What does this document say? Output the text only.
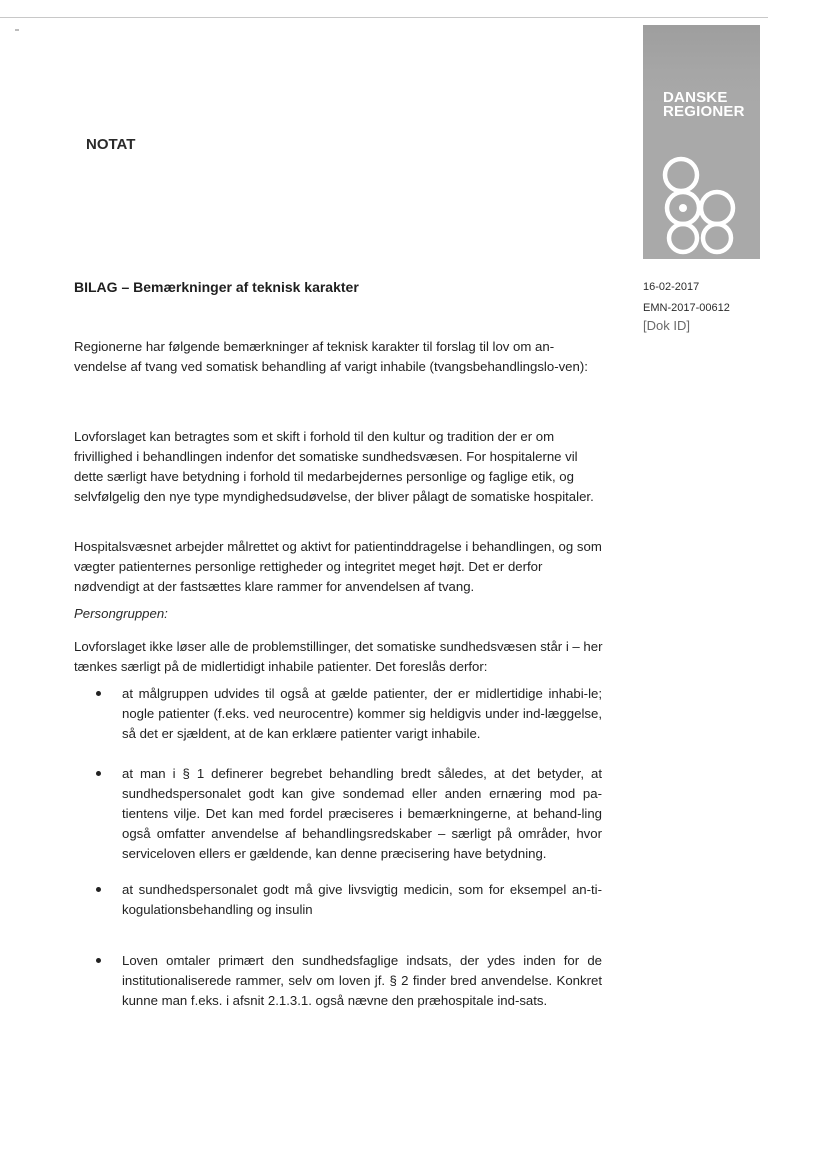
DANSKE
REGIONER
NOTAT
BILAG – Bemærkninger af teknisk karakter	16-02-2017
EMN-2017-00612
[Dok ID]

Regionerne har følgende bemærkninger af teknisk karakter til forslag til lov om an-vendelse af tvang ved somatisk behandling af varigt inhabile (tvangsbehandlingslo-ven):

Lovforslaget kan betragtes som et skift i forhold til den kultur og tradition der er om frivillighed i behandlingen indenfor det somatiske sundhedsvæsen. For hospitalerne vil dette særligt have betydning i forhold til medarbejdernes personlige og faglige etik, og selvfølgelig den nye type myndighedsudøvelse, der bliver pålagt de somatiske hospitaler.

Hospitalsvæsnet arbejder målrettet og aktivt for patientinddragelse i behandlingen, og som vægter patienternes personlige rettigheder og integritet meget højt. Det er derfor nødvendigt at der fastsættes klare rammer for anvendelsen af tvang.

Persongruppen:

Lovforslaget ikke løser alle de problemstillinger, det somatiske sundhedsvæsen står i – her tænkes særligt på de midlertidigt inhabile patienter. Det foreslås derfor:

at målgruppen udvides til også at gælde patienter, der er midlertidige inhabi-le; nogle patienter (f.eks. ved neurocentre) kommer sig heldigvis under ind-læggelse, så det er sjældent, at de kan erklære patienter varigt inhabile.

at man i § 1 definerer begrebet behandling bredt således, at det betyder, at sundhedspersonalet godt kan give sondemad eller anden ernæring mod pa-tientens vilje. Det kan med fordel præciseres i bemærkningerne, at behand-ling også omfatter anvendelse af behandlingsredskaber – særligt på områder, hvor serviceloven ellers er gældende, kan denne præcisering have betydning.

at sundhedspersonalet godt må give livsvigtig medicin, som for eksempel an-ti-kogulationsbehandling og insulin

Loven omtaler primært den sundhedsfaglige indsats, der ydes inden for de institutionaliserede rammer, selv om loven jf. § 2 finder bred anvendelse. Konkret kunne man f.eks. i afsnit 2.1.3.1. også nævne den præhospitale ind-sats.
